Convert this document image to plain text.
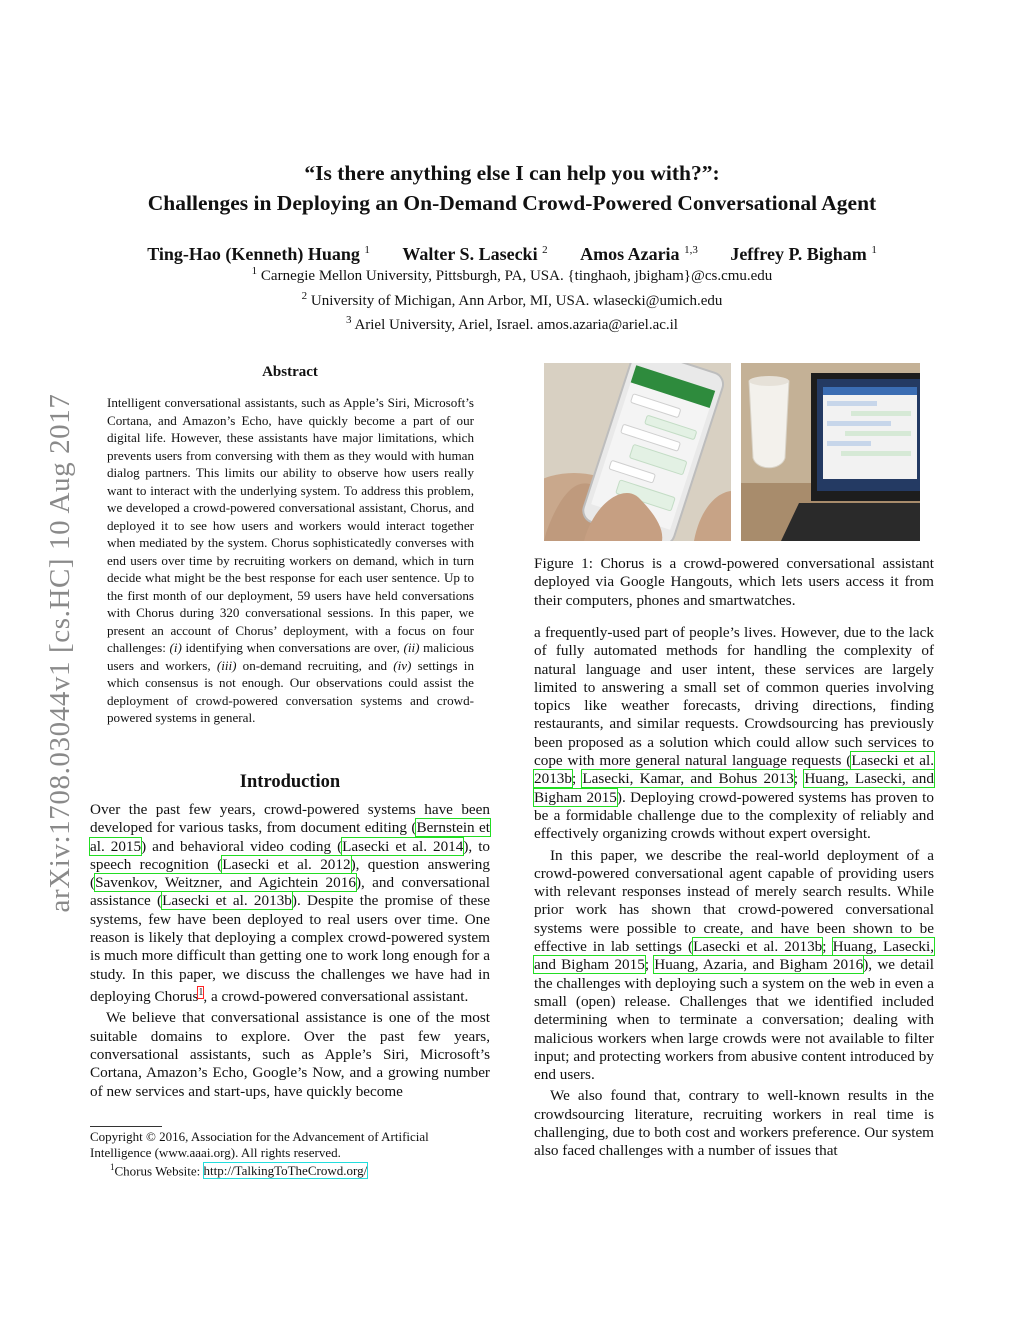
arXiv:1708.03044v1 [cs.HC] 10 Aug 2017
“Is there anything else I can help you with?”:
Challenges in Deploying an On-Demand Crowd-Powered Conversational Agent
Ting-Hao (Kenneth) Huang $^1$ Walter S. Lasecki $^2$ Amos Azaria $^{1,3}$ Jeffrey P. Bigham $^1$
$^1$ Carnegie Mellon University, Pittsburgh, PA, USA. {tinghaoh, jbigham}@cs.cmu.edu
$^2$ University of Michigan, Ann Arbor, MI, USA. wlasecki@umich.edu
$^3$ Ariel University, Ariel, Israel. amos.azaria@ariel.ac.il
Abstract
Intelligent conversational assistants, such as Apple’s Siri, Microsoft’s Cortana, and Amazon’s Echo, have quickly become a part of our digital life. However, these assistants have major limitations, which prevents users from conversing with them as they would with human dialog partners. This limits our ability to observe how users really want to interact with the underlying system. To address this problem, we developed a crowd-powered conversational assistant, Chorus, and deployed it to see how users and workers would interact together when mediated by the system. Chorus sophisticatedly converses with end users over time by recruiting workers on demand, which in turn decide what might be the best response for each user sentence. Up to the first month of our deployment, 59 users have held conversations with Chorus during 320 conversational sessions. In this paper, we present an account of Chorus’ deployment, with a focus on four challenges: (i) identifying when conversations are over, (ii) malicious users and workers, (iii) on-demand recruiting, and (iv) settings in which consensus is not enough. Our observations could assist the deployment of crowd-powered conversation systems and crowd-powered systems in general.
Introduction

Over the past few years, crowd-powered systems have been developed for various tasks, from document editing (Bernstein et al. 2015) and behavioral video coding (Lasecki et al. 2014), to speech recognition (Lasecki et al. 2012), question answering (Savenkov, Weitzner, and Agichtein 2016), and conversational assistance (Lasecki et al. 2013b). Despite the promise of these systems, few have been deployed to real users over time. One reason is likely that deploying a complex crowd-powered system is much more difficult than getting one to work long enough for a study. In this paper, we discuss the challenges we have had in deploying Chorus$^1$, a crowd-powered conversational assistant.

We believe that conversational assistance is one of the most suitable domains to explore. Over the past few years, conversational assistants, such as Apple’s Siri, Microsoft’s Cortana, Amazon’s Echo, Google’s Now, and a growing number of new services and start-ups, have quickly become

Copyright © 2016, Association for the Advancement of Artificial Intelligence (www.aaai.org). All rights reserved.
$^1$Chorus Website: http://TalkingToTheCrowd.org/
Figure 1: Chorus is a crowd-powered conversational assistant deployed via Google Hangouts, which lets users access it from their computers, phones and smartwatches.

a frequently-used part of people’s lives. However, due to the lack of fully automated methods for handling the complexity of natural language and user intent, these services are largely limited to answering a small set of common queries involving topics like weather forecasts, driving directions, finding restaurants, and similar requests. Crowdsourcing has previously been proposed as a solution which could allow such services to cope with more general natural language requests (Lasecki et al. 2013b; Lasecki, Kamar, and Bohus 2013; Huang, Lasecki, and Bigham 2015). Deploying crowd-powered systems has proven to be a formidable challenge due to the complexity of reliably and effectively organizing crowds without expert oversight.

In this paper, we describe the real-world deployment of a crowd-powered conversational agent capable of providing users with relevant responses instead of merely search results. While prior work has shown that crowd-powered conversational systems were possible to create, and have been shown to be effective in lab settings (Lasecki et al. 2013b; Huang, Lasecki, and Bigham 2015; Huang, Azaria, and Bigham 2016), we detail the challenges with deploying such a system on the web in even a small (open) release. Challenges that we identified included determining when to terminate a conversation; dealing with malicious workers when large crowds were not available to filter input; and protecting workers from abusive content introduced by end users.

We also found that, contrary to well-known results in the crowdsourcing literature, recruiting workers in real time is challenging, due to both cost and workers preference. Our system also faced challenges with a number of issues that
